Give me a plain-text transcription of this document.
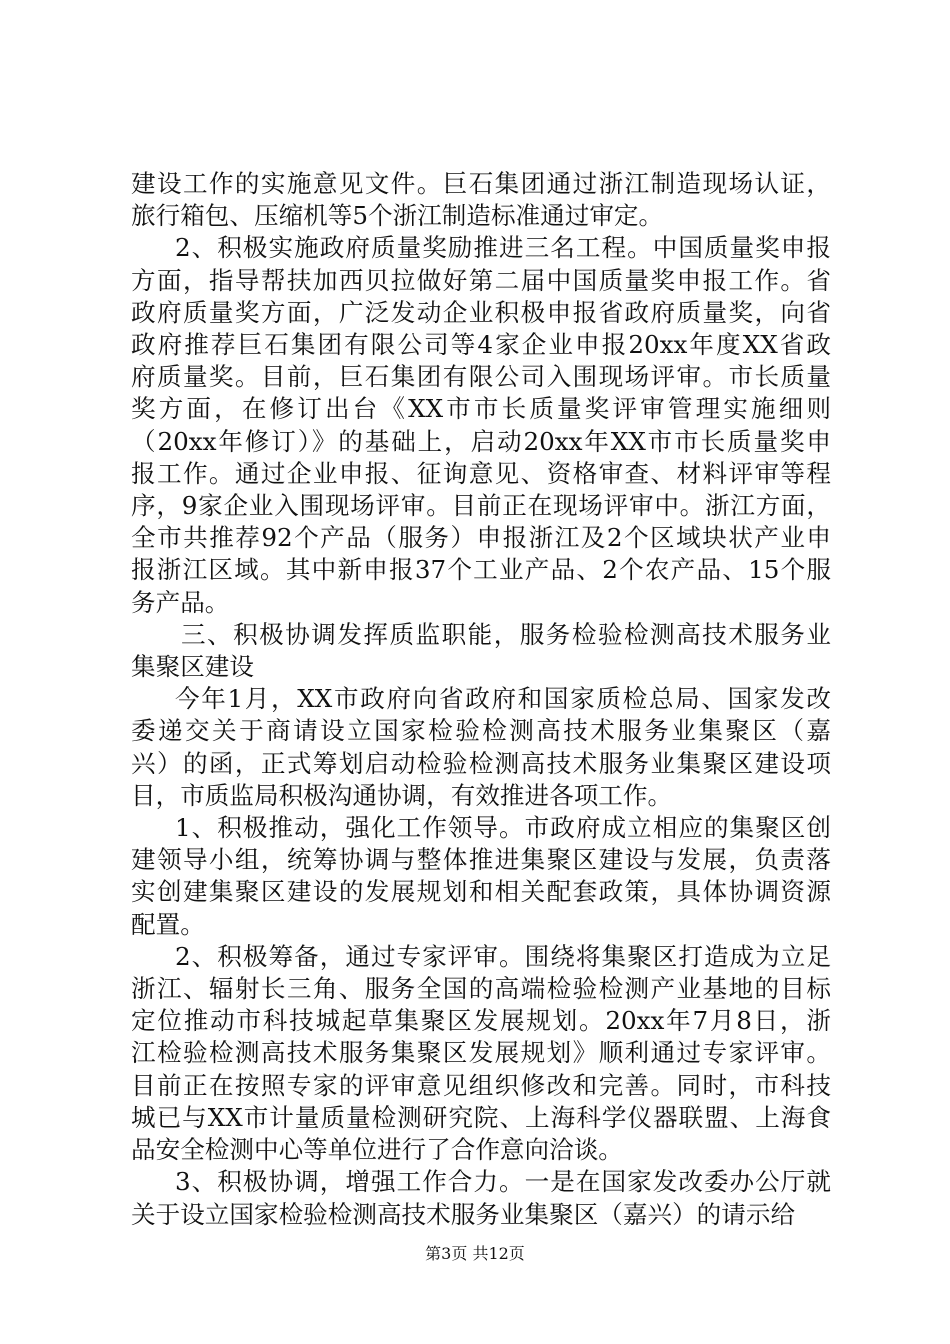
建设工作的实施意见文件。巨石集团通过浙江制造现场认证，
旅行箱包、压缩机等5个浙江制造标准通过审定。
2、积极实施政府质量奖励推进三名工程。中国质量奖申报
方面，指导帮扶加西贝拉做好第二届中国质量奖申报工作。省
政府质量奖方面，广泛发动企业积极申报省政府质量奖，向省
政府推荐巨石集团有限公司等4家企业申报20xx年度XX省政
府质量奖。目前，巨石集团有限公司入围现场评审。市长质量
奖方面，在修订出台《XX市市长质量奖评审管理实施细则
（20xx年修订）》的基础上，启动20xx年XX市市长质量奖申
报工作。通过企业申报、征询意见、资格审查、材料评审等程
序，9家企业入围现场评审。目前正在现场评审中。浙江方面，
全市共推荐92个产品（服务）申报浙江及2个区域块状产业申
报浙江区域。其中新申报37个工业产品、2个农产品、15个服
务产品。
三、积极协调发挥质监职能，服务检验检测高技术服务业
集聚区建设
今年1月，XX市政府向省政府和国家质检总局、国家发改
委递交关于商请设立国家检验检测高技术服务业集聚区（嘉
兴）的函，正式筹划启动检验检测高技术服务业集聚区建设项
目，市质监局积极沟通协调，有效推进各项工作。
1、积极推动，强化工作领导。市政府成立相应的集聚区创
建领导小组，统筹协调与整体推进集聚区建设与发展，负责落
实创建集聚区建设的发展规划和相关配套政策，具体协调资源
配置。
2、积极筹备，通过专家评审。围绕将集聚区打造成为立足
浙江、辐射长三角、服务全国的高端检验检测产业基地的目标
定位推动市科技城起草集聚区发展规划。20xx年7月8日，浙
江检验检测高技术服务集聚区发展规划》顺利通过专家评审。
目前正在按照专家的评审意见组织修改和完善。同时，市科技
城已与XX市计量质量检测研究院、上海科学仪器联盟、上海食
品安全检测中心等单位进行了合作意向洽谈。
3、积极协调，增强工作合力。一是在国家发改委办公厅就
关于设立国家检验检测高技术服务业集聚区（嘉兴）的请示给
第3页 共12页
